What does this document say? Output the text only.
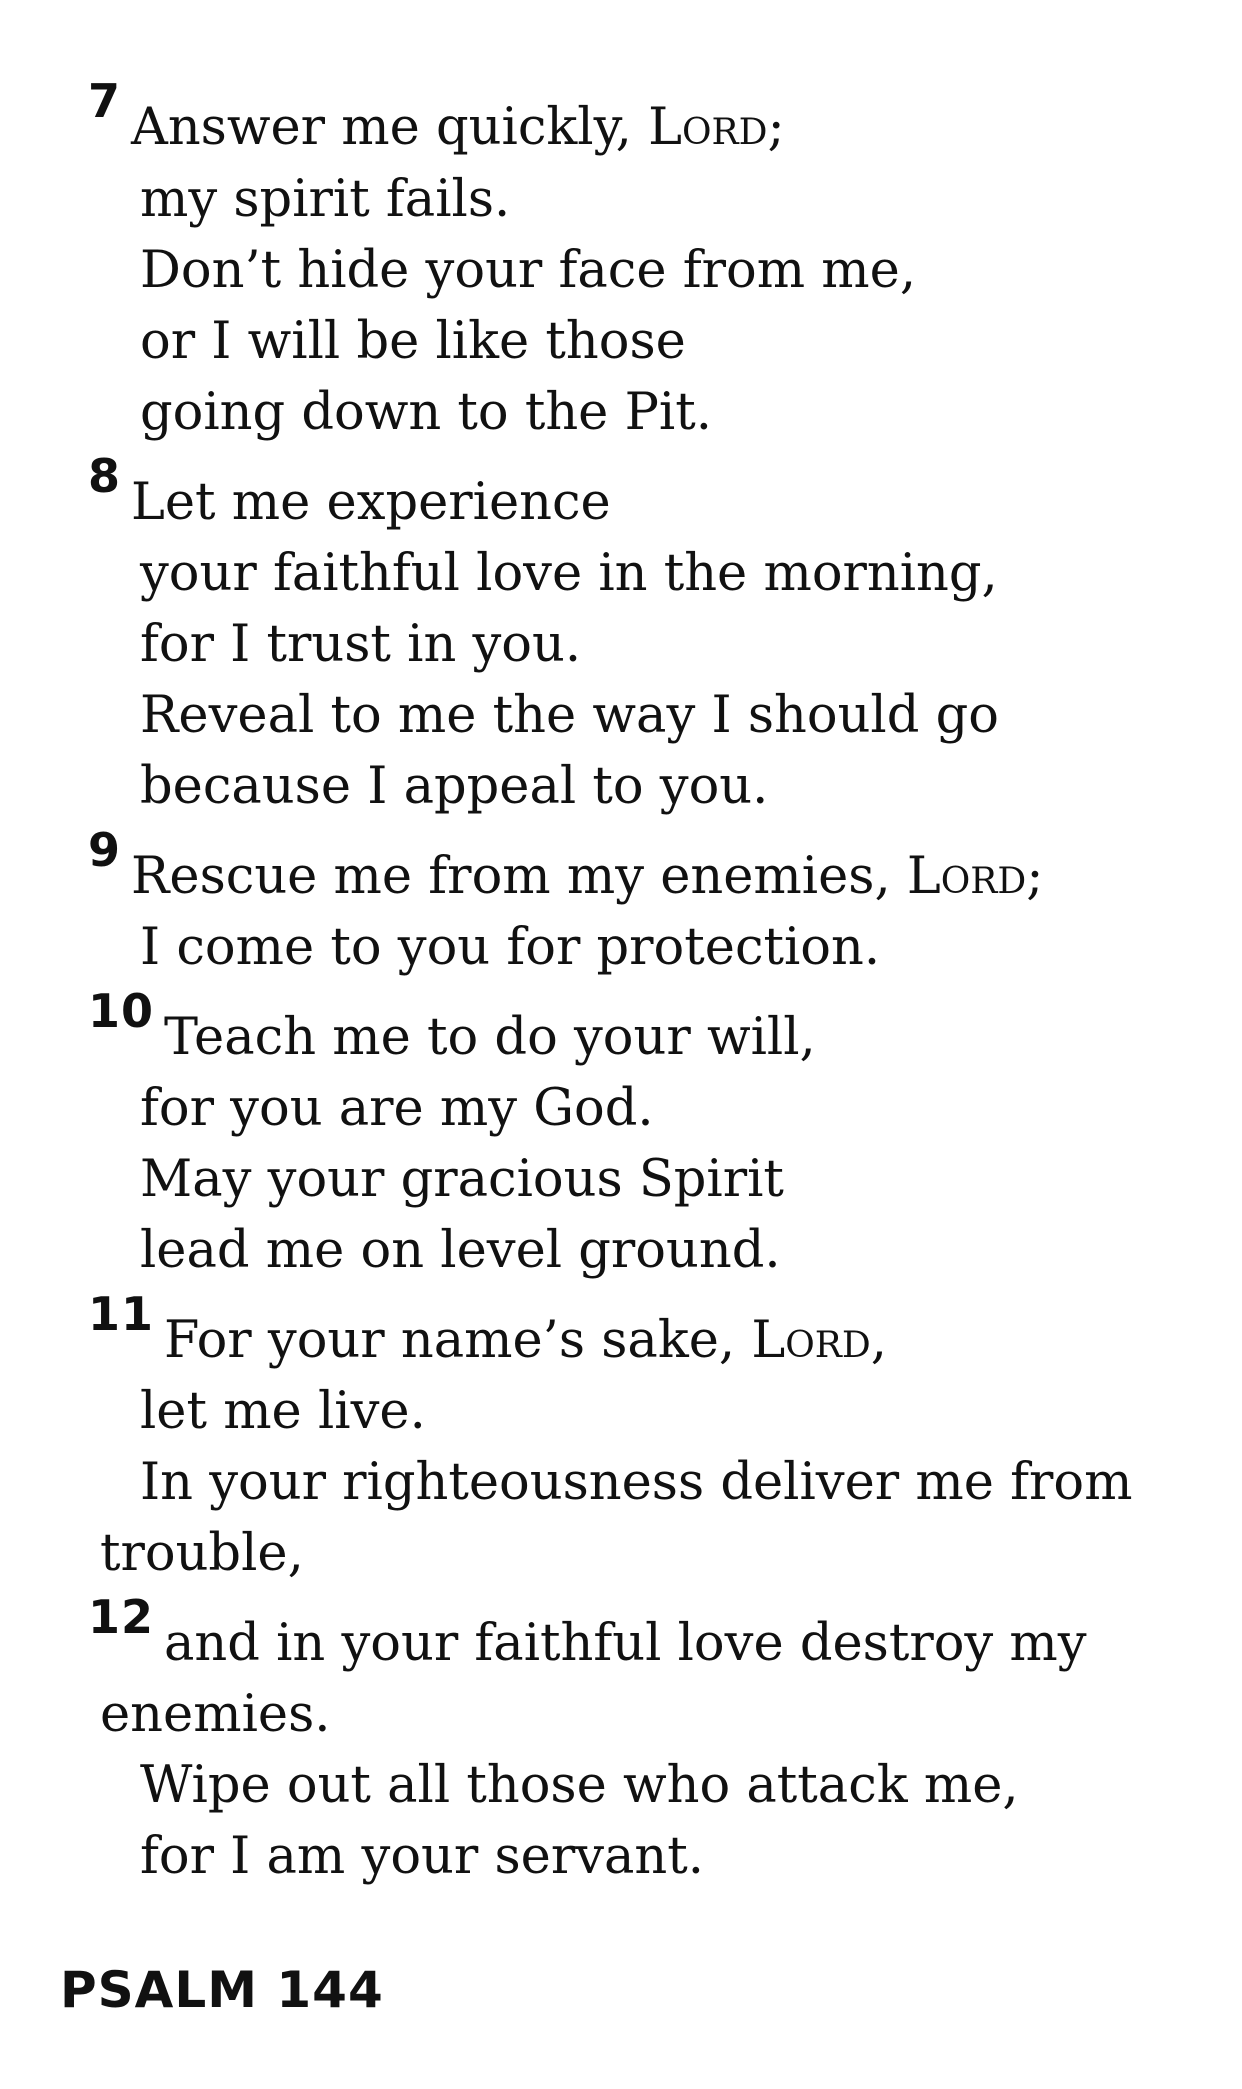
7 Answer me quickly, Lord;
my spirit fails.
Don’t hide your face from me,
or I will be like those
going down to the Pit.
8 Let me experience
your faithful love in the morning,
for I trust in you.
Reveal to me the way I should go
because I appeal to you.
9 Rescue me from my enemies, Lord;
I come to you for protection.
10 Teach me to do your will,
for you are my God.
May your gracious Spirit
lead me on level ground.
11 For your name’s sake, Lord,
let me live.
In your righteousness deliver me from
trouble,
12 and in your faithful love destroy my
enemies.
Wipe out all those who attack me,
for I am your servant.
PSALM 144
